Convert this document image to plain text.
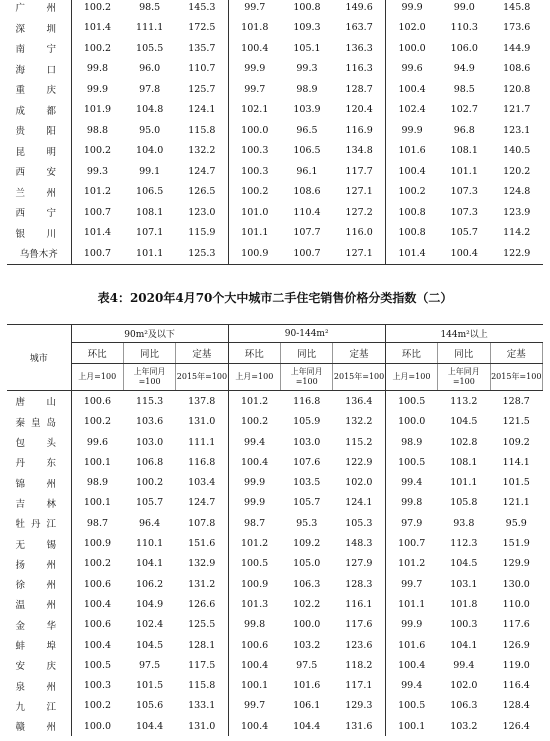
广　州	100.2	98.5	145.3	99.7	100.8	149.6	99.9	99.0	145.8
深　圳	101.4	111.1	172.5	101.8	109.3	163.7	102.0	110.3	173.6
南　宁	100.2	105.5	135.7	100.4	105.1	136.3	100.0	106.0	144.9
海　口	99.8	96.0	110.7	99.9	99.3	116.3	99.6	94.9	108.6
重　庆	99.9	97.8	125.7	99.7	98.9	128.7	100.4	98.5	120.8
成　都	101.9	104.8	124.1	102.1	103.9	120.4	102.4	102.7	121.7
贵　阳	98.8	95.0	115.8	100.0	96.5	116.9	99.9	96.8	123.1
昆　明	100.2	104.0	132.2	100.3	106.5	134.8	101.6	108.1	140.5
西　安	99.3	99.1	124.7	100.3	96.1	117.7	100.4	101.1	120.2
兰　州	101.2	106.5	126.5	100.2	108.6	127.1	100.2	107.3	124.8
西　宁	100.7	108.1	123.0	101.0	110.4	127.2	100.8	107.3	123.9
银　川	101.4	107.1	115.9	101.1	107.7	116.0	100.8	105.7	114.2
乌鲁木齐	100.7	101.1	125.3	100.9	100.7	127.1	101.4	100.4	122.9
表4：2020年4月70个大中城市二手住宅销售价格分类指数（二）
城市	90m²及以下			90-144m²			144m²以上		
	环比	同比	定基	环比	同比	定基	环比	同比	定基
	上月=100	上年同月=100	2015年=100	上月=100	上年同月=100	2015年=100	上月=100	上年同月=100	2015年=100
唐　山	100.6	115.3	137.8	101.2	116.8	136.4	100.5	113.2	128.7
秦皇岛	100.2	103.6	131.0	100.2	105.9	132.2	100.0	104.5	121.5
包　头	99.6	103.0	111.1	99.4	103.0	115.2	98.9	102.8	109.2
丹　东	100.1	106.8	116.8	100.4	107.6	122.9	100.5	108.1	114.1
锦　州	98.9	100.2	103.4	99.9	103.5	102.0	99.4	101.1	101.5
吉　林	100.1	105.7	124.7	99.9	105.7	124.1	99.8	105.8	121.1
牡丹江	98.7	96.4	107.8	98.7	95.3	105.3	97.9	93.8	95.9
无　锡	100.9	110.1	151.6	101.2	109.2	148.3	100.7	112.3	151.9
扬　州	100.2	104.1	132.9	100.5	105.0	127.9	101.2	104.5	129.9
徐　州	100.6	106.2	131.2	100.9	106.3	128.3	99.7	103.1	130.0
温　州	100.4	104.9	126.6	101.3	102.2	116.1	101.1	101.8	110.0
金　华	100.6	102.4	125.5	99.8	100.0	117.6	99.9	100.3	117.6
蚌　埠	100.4	104.5	128.1	100.6	103.2	123.6	101.6	104.1	126.9
安　庆	100.5	97.5	117.5	100.4	97.5	118.2	100.4	99.4	119.0
泉　州	100.3	101.5	115.8	100.1	101.6	117.1	99.4	102.0	116.4
九　江	100.2	105.6	133.1	99.7	106.1	129.3	100.5	106.3	128.4
赣　州	100.0	104.4	131.0	100.4	104.4	131.6	100.1	103.2	126.4
